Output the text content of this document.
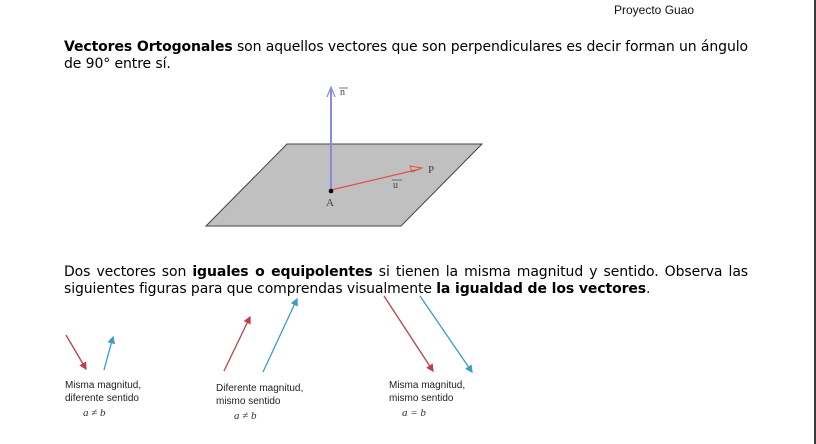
Proyecto Guao
Vectores Ortogonales son aquellos vectores que son perpendiculares es decir forman un ángulo de 90° entre sí.
n
u
P
A
Dos vectores son iguales o equipolentes si tienen la misma magnitud y sentido. Observa las siguientes figuras para que comprendas visualmente la igualdad de los vectores.
Misma magnitud,
diferente sentido
a ≠ b
Diferente magnitud,
mismo sentido
a ≠ b
Misma magnitud,
mismo sentido
a = b
